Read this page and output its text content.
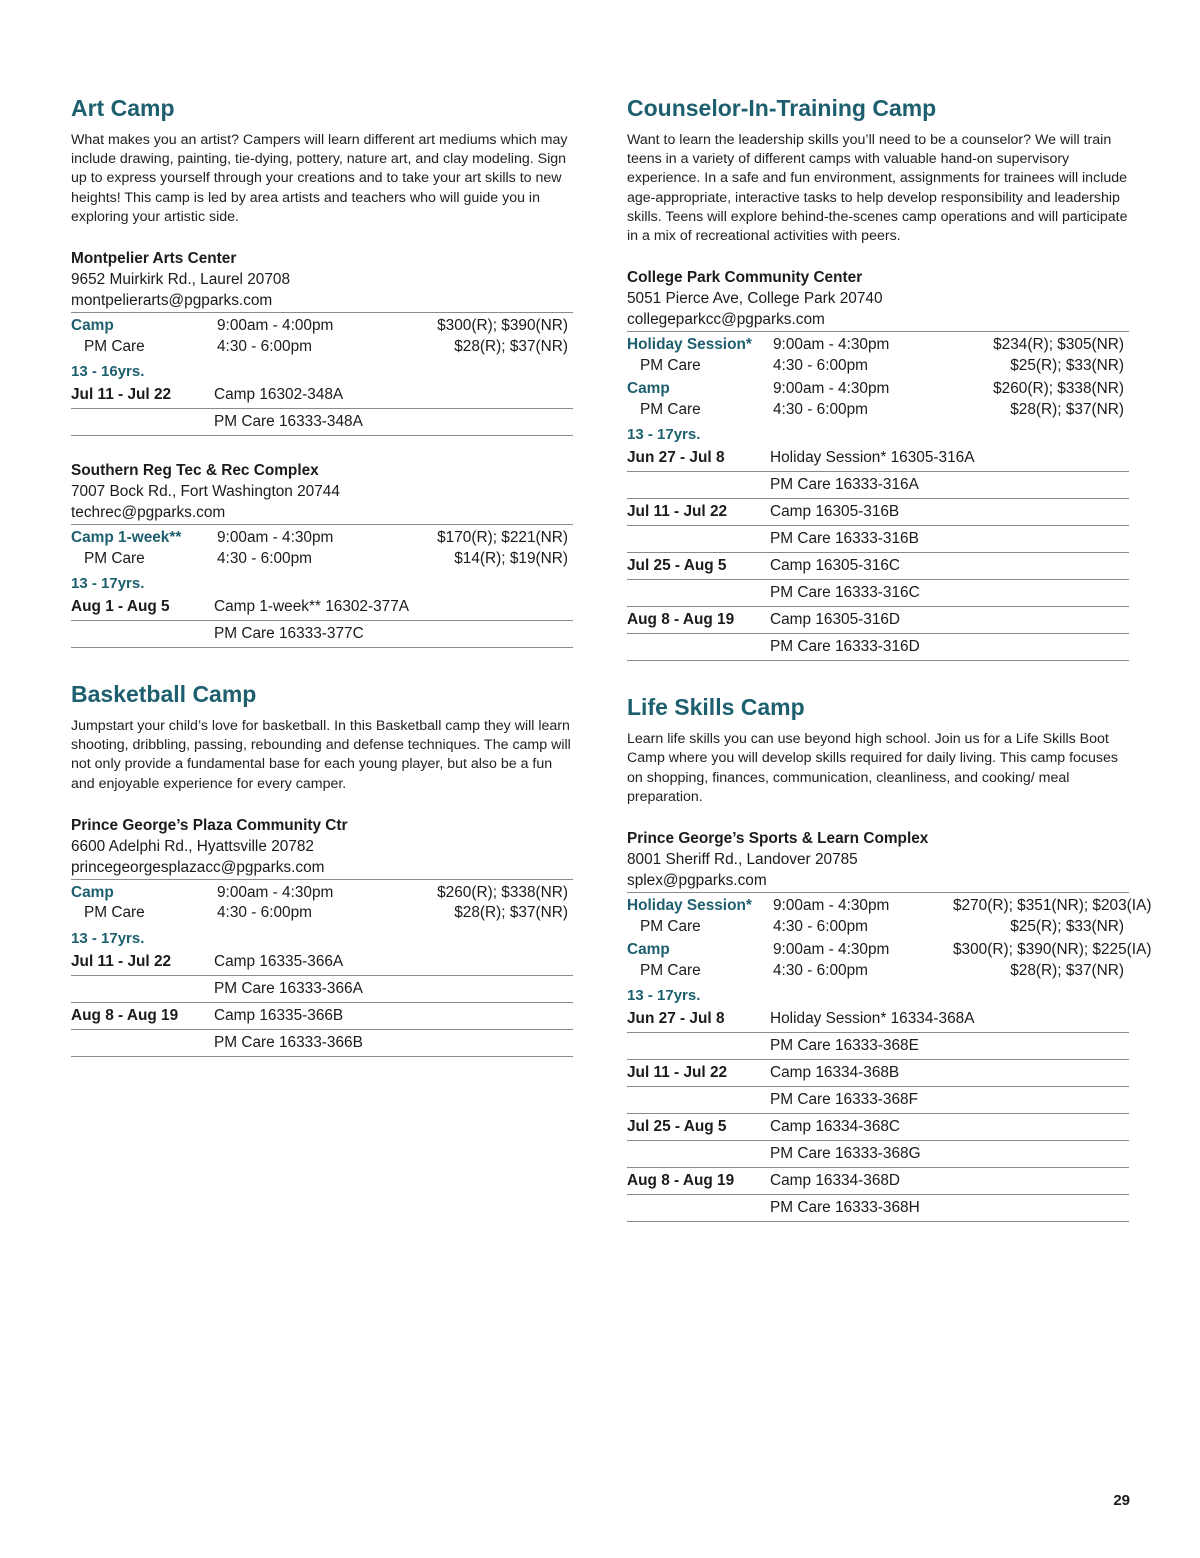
Art Camp

What makes you an artist? Campers will learn different art mediums which may include drawing, painting, tie-dying, pottery, nature art, and clay modeling. Sign up to express yourself through your creations and to take your art skills to new heights! This camp is led by area artists and teachers who will guide you in exploring your artistic side.

Montpelier Arts Center
9652 Muirkirk Rd., Laurel 20708
montpelierarts@pgparks.com
Camp	9:00am - 4:00pm	$300(R); $390(NR)
PM Care	4:30 - 6:00pm	$28(R); $37(NR)
13 - 16yrs.
Jul 11 - Jul 22	Camp 16302-348A
PM Care 16333-348A
Southern Reg Tec & Rec Complex
7007 Bock Rd., Fort Washington 20744
techrec@pgparks.com
Camp 1-week**	9:00am - 4:30pm	$170(R); $221(NR)
PM Care	4:30 - 6:00pm	$14(R); $19(NR)
13 - 17yrs.
Aug 1 - Aug 5	Camp 1-week** 16302-377A
PM Care 16333-377C
Basketball Camp

Jumpstart your child’s love for basketball. In this Basketball camp they will learn shooting, dribbling, passing, rebounding and defense techniques. The camp will not only provide a fundamental base for each young player, but also be a fun and enjoyable experience for every camper.

Prince George’s Plaza Community Ctr
6600 Adelphi Rd., Hyattsville 20782
princegeorgesplazacc@pgparks.com
Camp	9:00am - 4:30pm	$260(R); $338(NR)
PM Care	4:30 - 6:00pm	$28(R); $37(NR)
13 - 17yrs.
Jul 11 - Jul 22	Camp 16335-366A
PM Care 16333-366A
Aug 8 - Aug 19	Camp 16335-366B
PM Care 16333-366B
Counselor-In-Training Camp

Want to learn the leadership skills you’ll need to be a counselor? We will train teens in a variety of different camps with valuable hand-on supervisory experience. In a safe and fun environment, assignments for trainees will include age-appropriate, interactive tasks to help develop responsibility and leadership skills. Teens will explore behind-the-scenes camp operations and will participate in a mix of recreational activities with peers.

College Park Community Center
5051 Pierce Ave, College Park 20740
collegeparkcc@pgparks.com
Holiday Session*	9:00am - 4:30pm	$234(R); $305(NR)
PM Care	4:30 - 6:00pm	$25(R); $33(NR)
Camp	9:00am - 4:30pm	$260(R); $338(NR)
PM Care	4:30 - 6:00pm	$28(R); $37(NR)
13 - 17yrs.
Jun 27 - Jul 8	Holiday Session* 16305-316A
PM Care 16333-316A
Jul 11 - Jul 22	Camp 16305-316B
PM Care 16333-316B
Jul 25 - Aug 5	Camp 16305-316C
PM Care 16333-316C
Aug 8 - Aug 19	Camp 16305-316D
PM Care 16333-316D
Life Skills Camp

Learn life skills you can use beyond high school. Join us for a Life Skills Boot Camp where you will develop skills required for daily living. This camp focuses on shopping, finances, communication, cleanliness, and cooking/ meal preparation.

Prince George’s Sports & Learn Complex
8001 Sheriff Rd., Landover 20785
splex@pgparks.com
Holiday Session*	9:00am - 4:30pm	$270(R); $351(NR); $203(IA)
PM Care	4:30 - 6:00pm	$25(R); $33(NR)
Camp	9:00am - 4:30pm	$300(R); $390(NR); $225(IA)
PM Care	4:30 - 6:00pm	$28(R); $37(NR)
13 - 17yrs.
Jun 27 - Jul 8	Holiday Session* 16334-368A
PM Care 16333-368E
Jul 11 - Jul 22	Camp 16334-368B
PM Care 16333-368F
Jul 25 - Aug 5	Camp 16334-368C
PM Care 16333-368G
Aug 8 - Aug 19	Camp 16334-368D
PM Care 16333-368H
29
